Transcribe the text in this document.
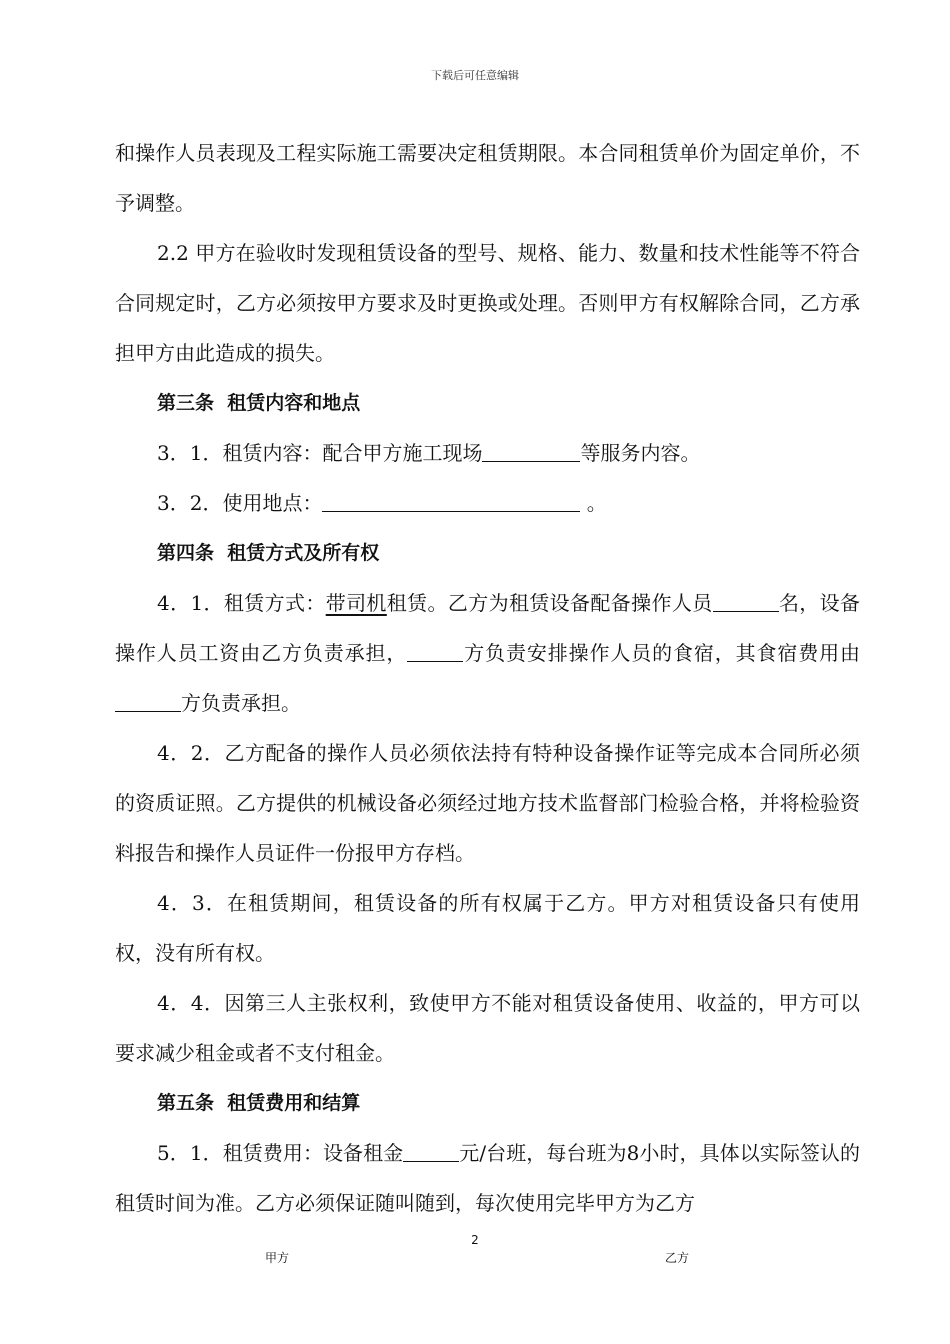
下载后可任意编辑

和操作人员表现及工程实际施工需要决定租赁期限。本合同租赁单价为固定单价，不予调整。

2.2 甲方在验收时发现租赁设备的型号、规格、能力、数量和技术性能等不符合合同规定时，乙方必须按甲方要求及时更换或处理。否则甲方有权解除合同，乙方承担甲方由此造成的损失。

第三条  租赁内容和地点

3．1．租赁内容：配合甲方施工现场	等服务内容。

3．2．使用地点：	。

第四条  租赁方式及所有权

4．1．租赁方式：带司机租赁。乙方为租赁设备配备操作人员	名，设备操作人员工资由乙方负责承担，	方负责安排操作人员的食宿，其食宿费用由方负责承担。

4．2．乙方配备的操作人员必须依法持有特种设备操作证等完成本合同所必须的资质证照。乙方提供的机械设备必须经过地方技术监督部门检验合格，并将检验资料报告和操作人员证件一份报甲方存档。

4．3．在租赁期间，租赁设备的所有权属于乙方。甲方对租赁设备只有使用权，没有所有权。

4．4．因第三人主张权利，致使甲方不能对租赁设备使用、收益的，甲方可以要求减少租金或者不支付租金。

第五条  租赁费用和结算

5．1．租赁费用：设备租金	元/台班，每台班为8小时，具体以实际签认的租赁时间为准。乙方必须保证随叫随到，每次使用完毕甲方为乙方

2
甲方	乙方
